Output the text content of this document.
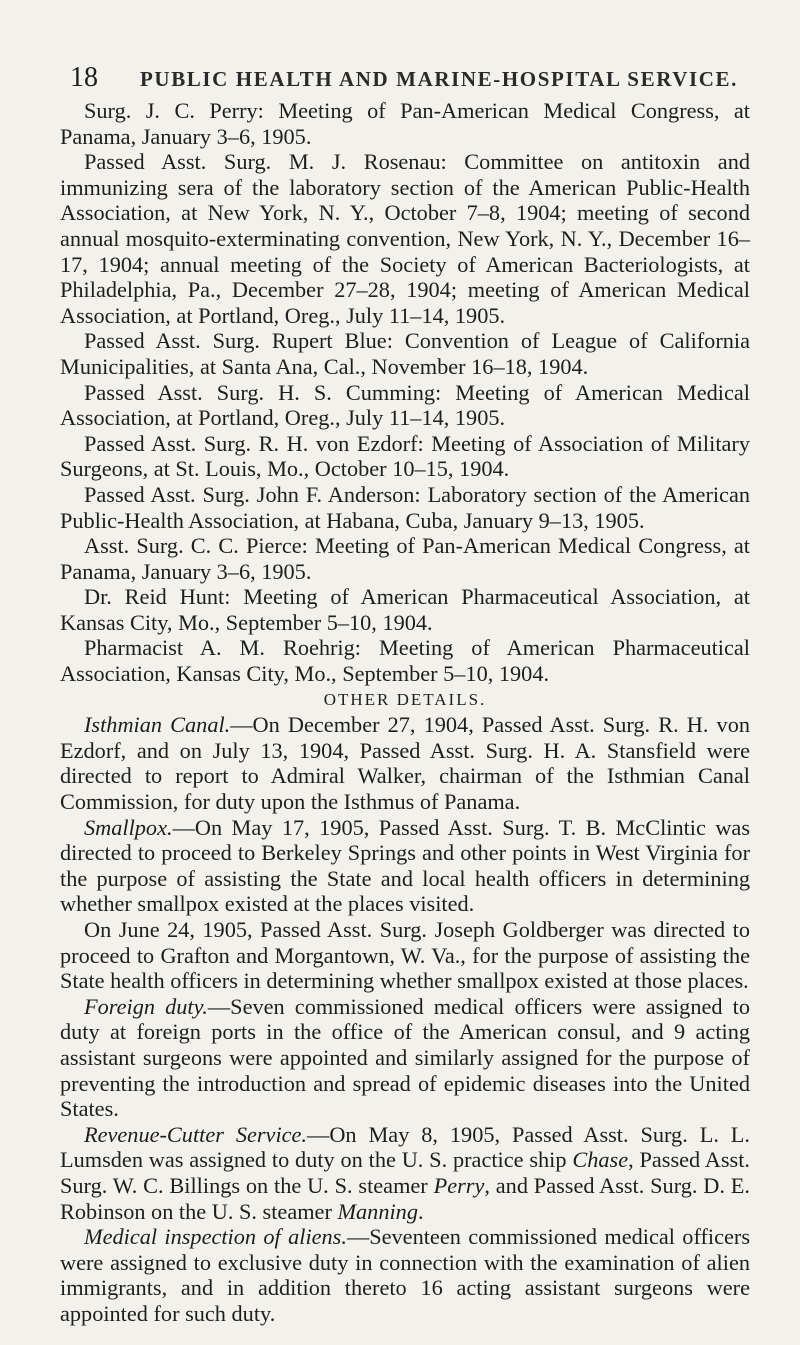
18	PUBLIC HEALTH AND MARINE-HOSPITAL SERVICE.

Surg. J. C. Perry: Meeting of Pan-American Medical Congress, at Panama, January 3–6, 1905.

Passed Asst. Surg. M. J. Rosenau: Committee on antitoxin and immunizing sera of the laboratory section of the American Public-Health Association, at New York, N. Y., October 7–8, 1904; meeting of second annual mosquito-exterminating convention, New York, N. Y., December 16–17, 1904; annual meeting of the Society of American Bacteriologists, at Philadelphia, Pa., December 27–28, 1904; meeting of American Medical Association, at Portland, Oreg., July 11–14, 1905.

Passed Asst. Surg. Rupert Blue: Convention of League of California Municipalities, at Santa Ana, Cal., November 16–18, 1904.

Passed Asst. Surg. H. S. Cumming: Meeting of American Medical Association, at Portland, Oreg., July 11–14, 1905.

Passed Asst. Surg. R. H. von Ezdorf: Meeting of Association of Military Surgeons, at St. Louis, Mo., October 10–15, 1904.

Passed Asst. Surg. John F. Anderson: Laboratory section of the American Public-Health Association, at Habana, Cuba, January 9–13, 1905.

Asst. Surg. C. C. Pierce: Meeting of Pan-American Medical Congress, at Panama, January 3–6, 1905.

Dr. Reid Hunt: Meeting of American Pharmaceutical Association, at Kansas City, Mo., September 5–10, 1904.

Pharmacist A. M. Roehrig: Meeting of American Pharmaceutical Association, Kansas City, Mo., September 5–10, 1904.

OTHER DETAILS.

Isthmian Canal.—On December 27, 1904, Passed Asst. Surg. R. H. von Ezdorf, and on July 13, 1904, Passed Asst. Surg. H. A. Stansfield were directed to report to Admiral Walker, chairman of the Isthmian Canal Commission, for duty upon the Isthmus of Panama.

Smallpox.—On May 17, 1905, Passed Asst. Surg. T. B. McClintic was directed to proceed to Berkeley Springs and other points in West Virginia for the purpose of assisting the State and local health officers in determining whether smallpox existed at the places visited.

On June 24, 1905, Passed Asst. Surg. Joseph Goldberger was directed to proceed to Grafton and Morgantown, W. Va., for the purpose of assisting the State health officers in determining whether smallpox existed at those places.

Foreign duty.—Seven commissioned medical officers were assigned to duty at foreign ports in the office of the American consul, and 9 acting assistant surgeons were appointed and similarly assigned for the purpose of preventing the introduction and spread of epidemic diseases into the United States.

Revenue-Cutter Service.—On May 8, 1905, Passed Asst. Surg. L. L. Lumsden was assigned to duty on the U. S. practice ship Chase, Passed Asst. Surg. W. C. Billings on the U. S. steamer Perry, and Passed Asst. Surg. D. E. Robinson on the U. S. steamer Manning.

Medical inspection of aliens.—Seventeen commissioned medical officers were assigned to exclusive duty in connection with the examination of alien immigrants, and in addition thereto 16 acting assistant surgeons were appointed for such duty.
